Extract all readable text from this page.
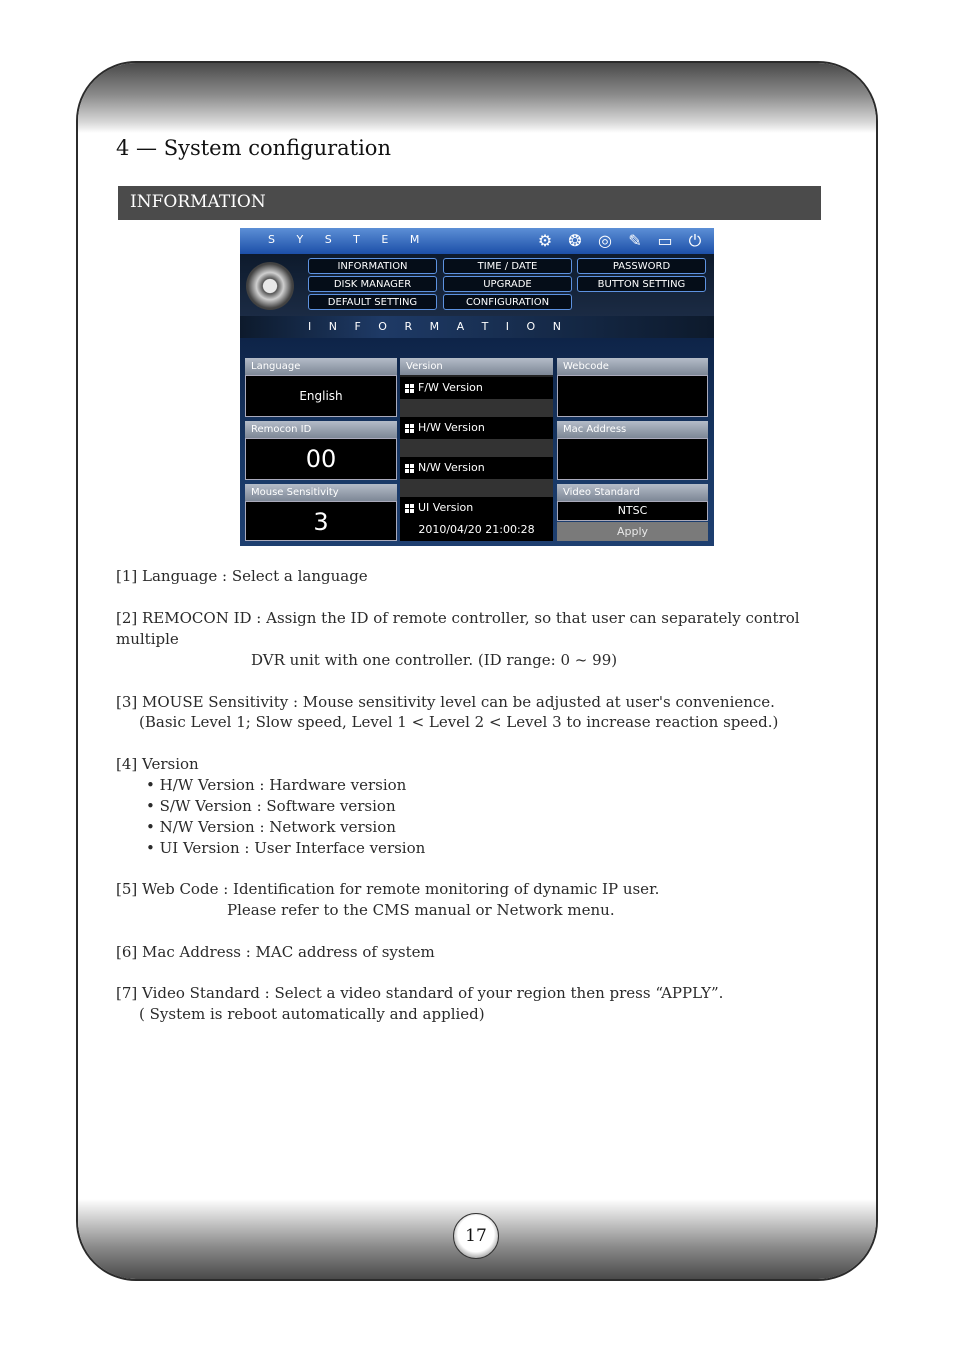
4 — System configuration
INFORMATION
S Y S T E M	⚙ ❂ ◎ ✎ ▭ ⏻
INFORMATION	TIME / DATE	PASSWORD
DISK MANAGER	UPGRADE	BUTTON SETTING
DEFAULT SETTING	CONFIGURATION
I N F O R M A T I O N
Language
English
Remocon ID
00
Mouse Sensitivity
3
Version
F/W Version
H/W Version
N/W Version
UI Version
2010/04/20 21:00:28
Webcode
Mac Address
Video Standard
NTSC
Apply
[1] Language : Select a language
[2] REMOCON ID : Assign the ID of remote controller, so that user can separately control
multiple
DVR unit with one controller. (ID range: 0 ~ 99)
[3] MOUSE Sensitivity : Mouse sensitivity level can be adjusted at user's convenience.
(Basic Level 1; Slow speed, Level 1 < Level 2 < Level 3 to increase reaction speed.)
[4] Version
• H/W Version : Hardware version
• S/W Version : Software version
• N/W Version : Network version
• UI Version : User Interface version
[5] Web Code : Identification for remote monitoring of dynamic IP user.
Please refer to the CMS manual or Network menu.
[6] Mac Address : MAC address of system
[7] Video Standard : Select a video standard of your region then press “APPLY”.
( System is reboot automatically and applied)
17
